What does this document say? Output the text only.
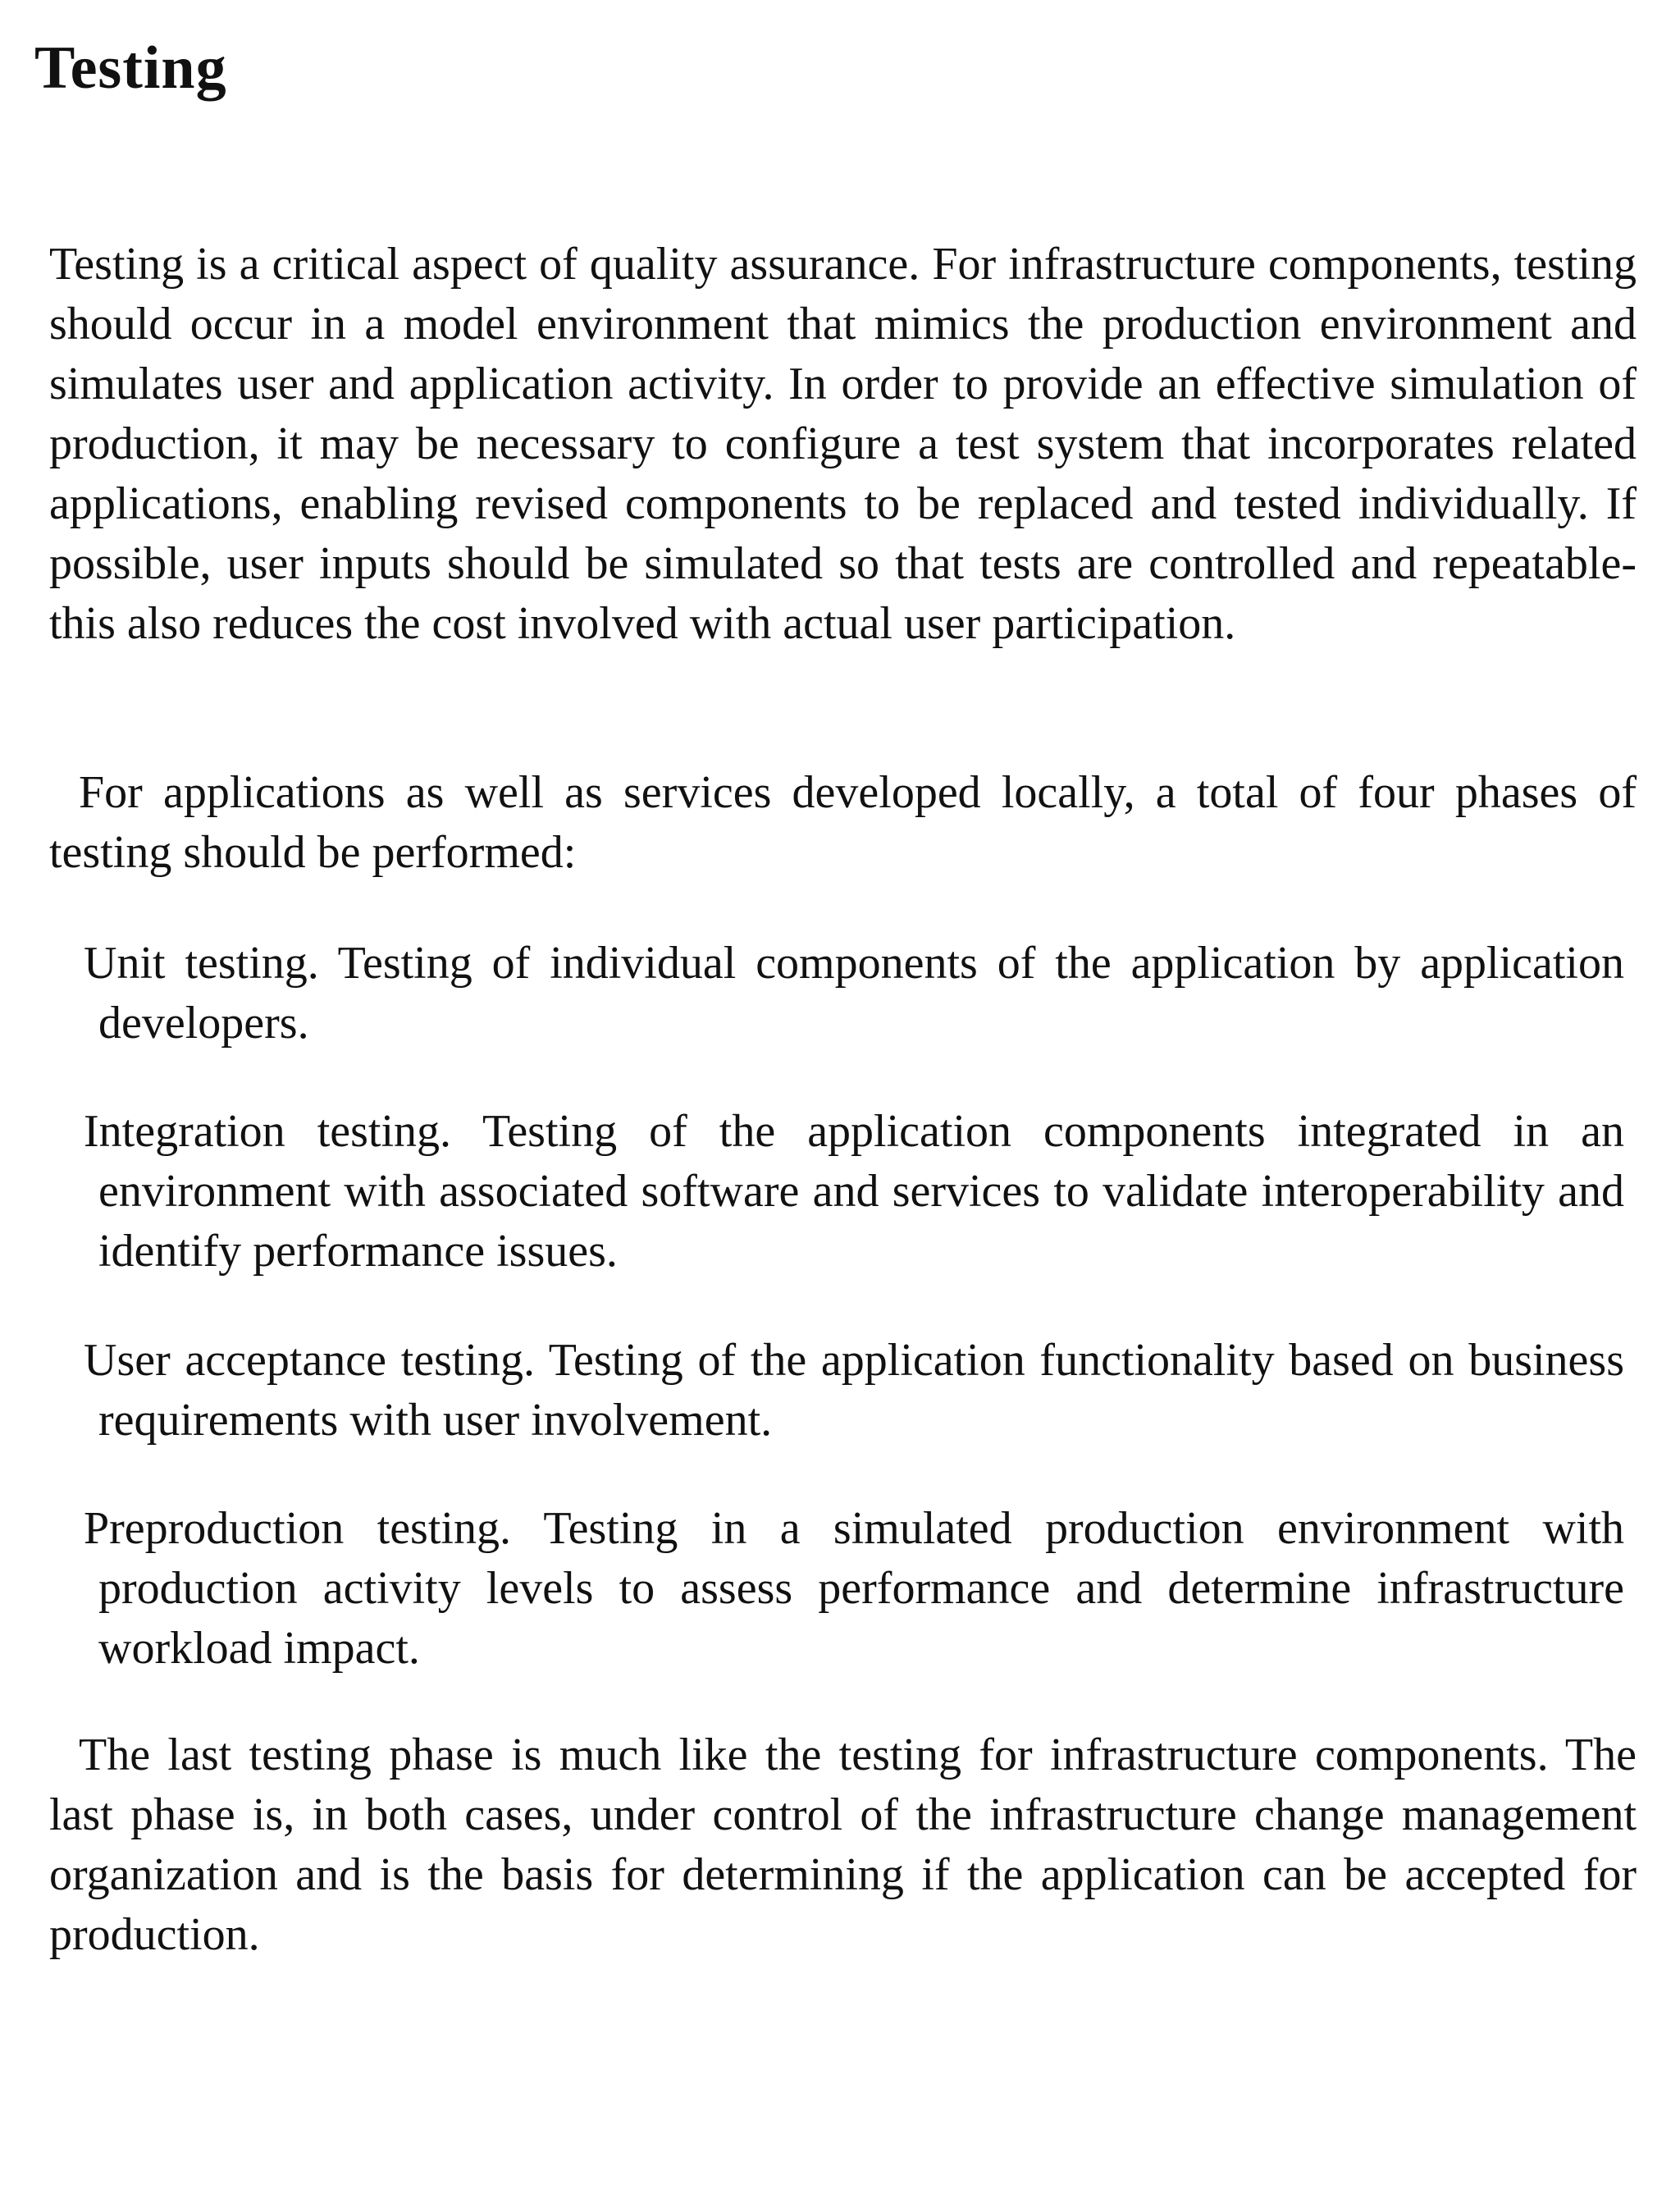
Testing

Testing is a critical aspect of quality assurance. For infrastructure components, testing should occur in a model environment that mimics the production environment and simulates user and application activity. In order to provide an effective simulation of production, it may be necessary to configure a test system that incorporates related applications, enabling revised components to be replaced and tested individually. If possible, user inputs should be simulated so that tests are controlled and repeatable-this also reduces the cost involved with actual user participation.

For applications as well as services developed locally, a total of four phases of testing should be performed:

Unit testing. Testing of individual components of the application by application developers.

Integration testing. Testing of the application components integrated in an environment with associated software and services to validate interoperability and identify performance issues.

User acceptance testing. Testing of the application functionality based on business requirements with user involvement.

Preproduction testing. Testing in a simulated production environment with production activity levels to assess performance and determine infrastructure workload impact.

The last testing phase is much like the testing for infrastructure components. The last phase is, in both cases, under control of the infrastructure change management organization and is the basis for determining if the application can be accepted for production.
